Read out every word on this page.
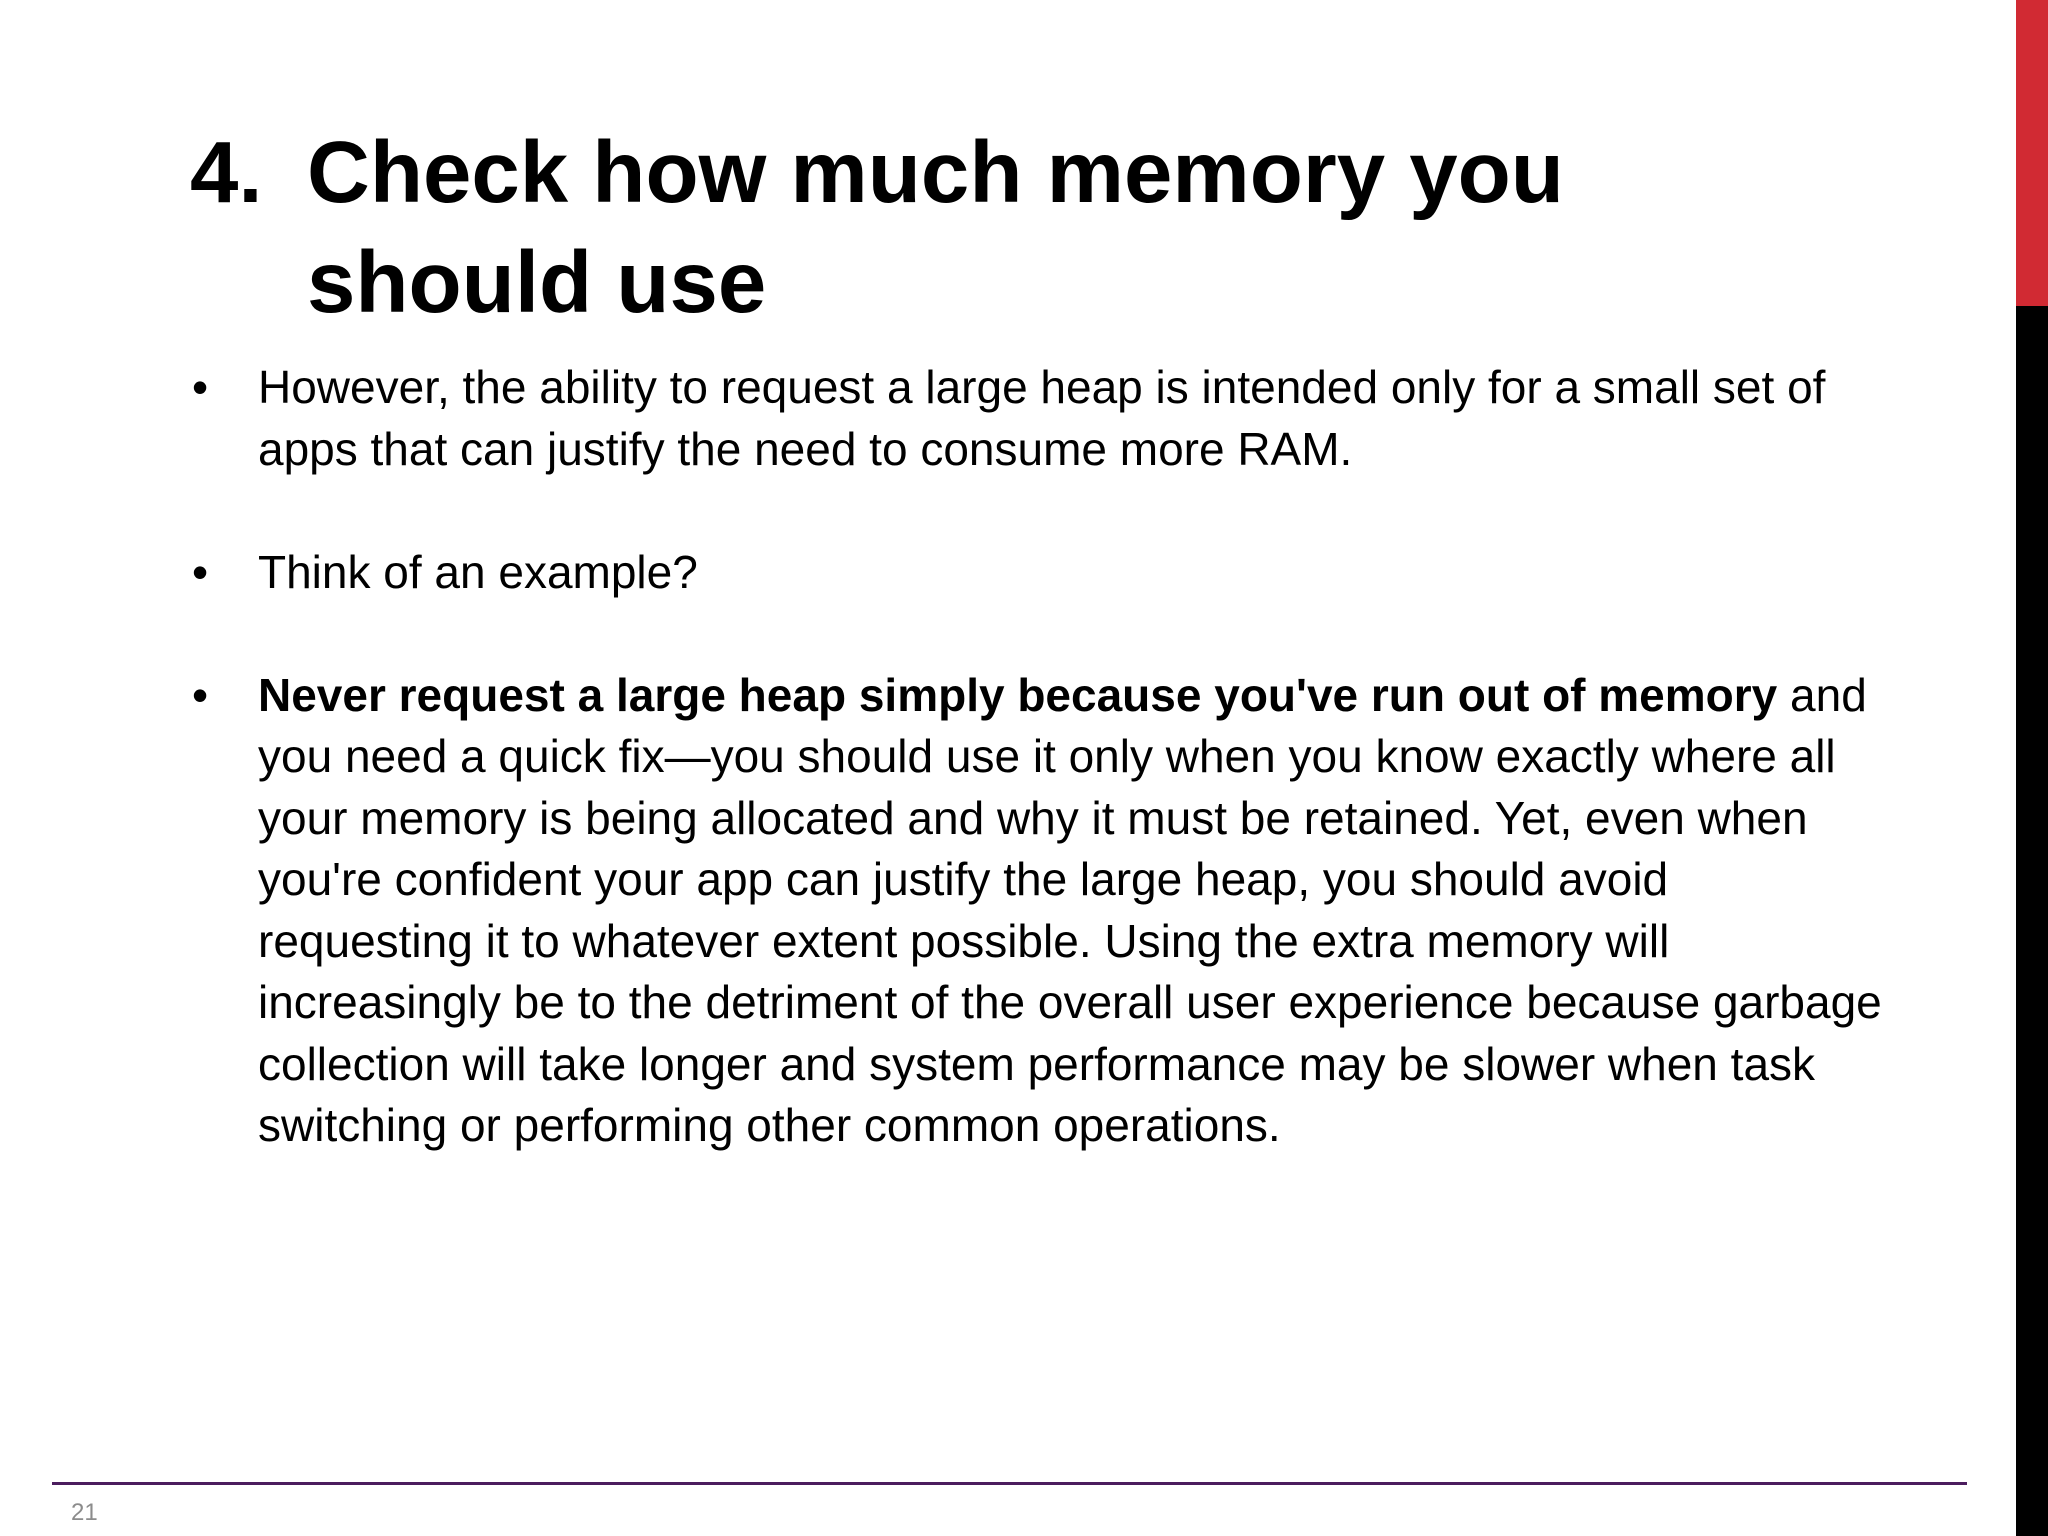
4. Check how much memory you
should use
•	However, the ability to request a large heap is intended only for a small set of apps that can justify the need to consume more RAM.
•	Think of an example?
•	Never request a large heap simply because you've run out of memory and you need a quick fix—you should use it only when you know exactly where all your memory is being allocated and why it must be retained. Yet, even when you're confident your app can justify the large heap, you should avoid requesting it to whatever extent possible. Using the extra memory will increasingly be to the detriment of the overall user experience because garbage collection will take longer and system performance may be slower when task switching or performing other common operations.
21
